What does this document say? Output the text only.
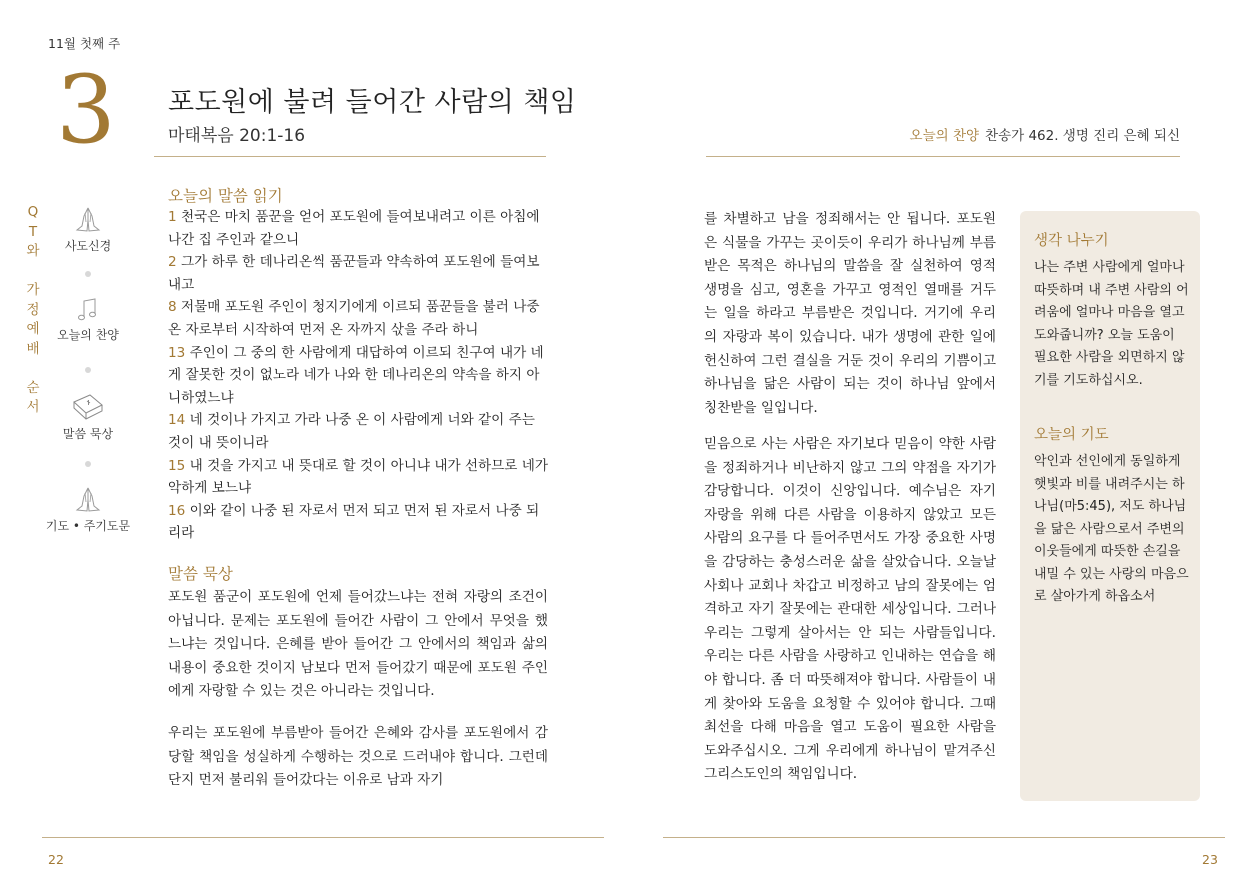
11월 첫째 주
3 포도원에 불려 들어간 사람의 책임
마태복음 20:1-16	오늘의 찬양 찬송가 462. 생명 진리 은혜 되신
Q
T
와
가
정
예
배
순
서
사도신경
오늘의 찬양
말씀 묵상
기도 • 주기도문
오늘의 말씀 읽기
1 천국은 마치 품꾼을 얻어 포도원에 들여보내려고 이른 아침에 나간 집 주인과 같으니
2 그가 하루 한 데나리온씩 품꾼들과 약속하여 포도원에 들여보내고
8 저물매 포도원 주인이 청지기에게 이르되 품꾼들을 불러 나중 온 자로부터 시작하여 먼저 온 자까지 삯을 주라 하니
13 주인이 그 중의 한 사람에게 대답하여 이르되 친구여 내가 네게 잘못한 것이 없노라 네가 나와 한 데나리온의 약속을 하지 아니하였느냐
14 네 것이나 가지고 가라 나중 온 이 사람에게 너와 같이 주는 것이 내 뜻이니라
15 내 것을 가지고 내 뜻대로 할 것이 아니냐 내가 선하므로 네가 악하게 보느냐
16 이와 같이 나중 된 자로서 먼저 되고 먼저 된 자로서 나중 되리라
말씀 묵상
포도원 품군이 포도원에 언제 들어갔느냐는 전혀 자랑의 조건이 아닙니다. 문제는 포도원에 들어간 사람이 그 안에서 무엇을 했느냐는 것입니다. 은혜를 받아 들어간 그 안에서의 책임과 삶의 내용이 중요한 것이지 남보다 먼저 들어갔기 때문에 포도원 주인에게 자랑할 수 있는 것은 아니라는 것입니다.
우리는 포도원에 부름받아 들어간 은혜와 감사를 포도원에서 감당할 책임을 성실하게 수행하는 것으로 드러내야 합니다. 그런데 단지 먼저 불리워 들어갔다는 이유로 남과 자기
를 차별하고 남을 정죄해서는 안 됩니다. 포도원은 식물을 가꾸는 곳이듯이 우리가 하나님께 부름받은 목적은 하나님의 말씀을 잘 실천하여 영적 생명을 심고, 영혼을 가꾸고 영적인 열매를 거두는 일을 하라고 부름받은 것입니다. 거기에 우리의 자랑과 복이 있습니다. 내가 생명에 관한 일에 헌신하여 그런 결실을 거둔 것이 우리의 기쁨이고 하나님을 닮은 사람이 되는 것이 하나님 앞에서 칭찬받을 일입니다.
믿음으로 사는 사람은 자기보다 믿음이 약한 사람을 정죄하거나 비난하지 않고 그의 약점을 자기가 감당합니다. 이것이 신앙입니다. 예수님은 자기 자랑을 위해 다른 사람을 이용하지 않았고 모든 사람의 요구를 다 들어주면서도 가장 중요한 사명을 감당하는 충성스러운 삶을 살았습니다. 오늘날 사회나 교회나 차갑고 비정하고 남의 잘못에는 엄격하고 자기 잘못에는 관대한 세상입니다. 그러나 우리는 그렇게 살아서는 안 되는 사람들입니다. 우리는 다른 사람을 사랑하고 인내하는 연습을 해야 합니다. 좀 더 따뜻해져야 합니다. 사람들이 내게 찾아와 도움을 요청할 수 있어야 합니다. 그때 최선을 다해 마음을 열고 도움이 필요한 사람을 도와주십시오. 그게 우리에게 하나님이 맡겨주신 그리스도인의 책임입니다.
생각 나누기
나는 주변 사람에게 얼마나 따뜻하며 내 주변 사람의 어려움에 얼마나 마음을 열고 도와줍니까? 오늘 도움이 필요한 사람을 외면하지 않기를 기도하십시오.
오늘의 기도
악인과 선인에게 동일하게 햇빛과 비를 내려주시는 하나님(마5:45), 저도 하나님을 닮은 사람으로서 주변의 이웃들에게 따뜻한 손길을 내밀 수 있는 사랑의 마음으로 살아가게 하옵소서
22	23
